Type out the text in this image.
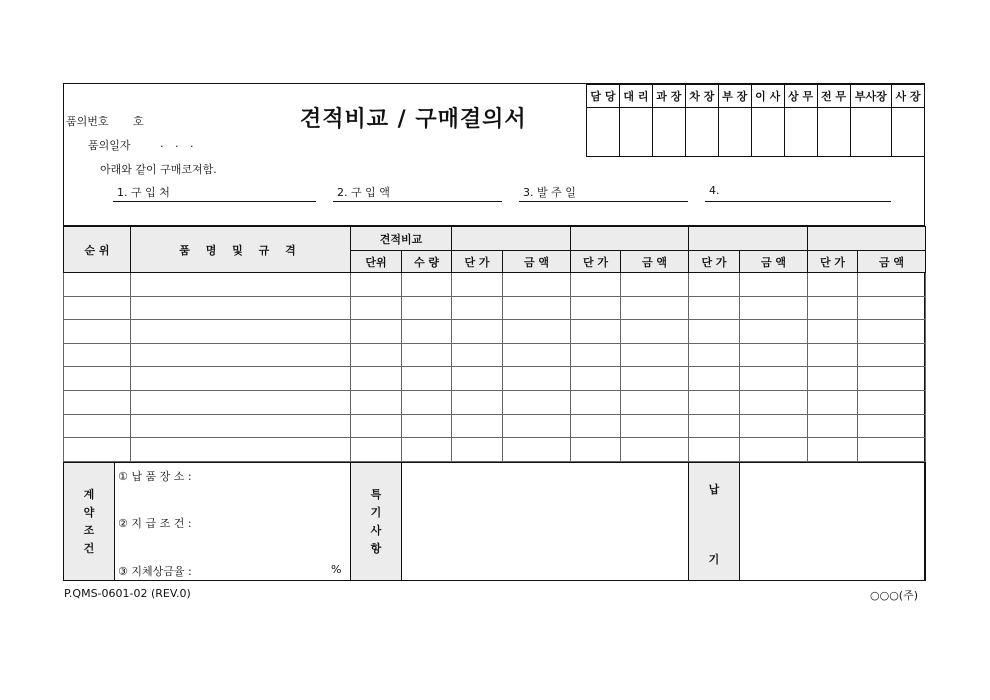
품의번호 호
품의일자	. . .
아래와 같이 구매코져함.
견적비교 / 구매결의서
담 당	대 리	과 장	차 장	부 장	이 사	상 무	전 무	부사장	사 장

1. 구 입 처	2. 구 입 액	3. 발 주 일	4.
순 위	품 명 및 규 격	견적비교									
		단위	수 량	단 가	금 액	단 가	금 액	단 가	금 액	단 가	금 액

계
약
조
건

① 납 품 장 소 :
② 지 급 조 건 :
③ 지체상금율 :	%

특
기
사
항

납
기

P.QMS-0601-02 (REV.0)	○○○(주)
